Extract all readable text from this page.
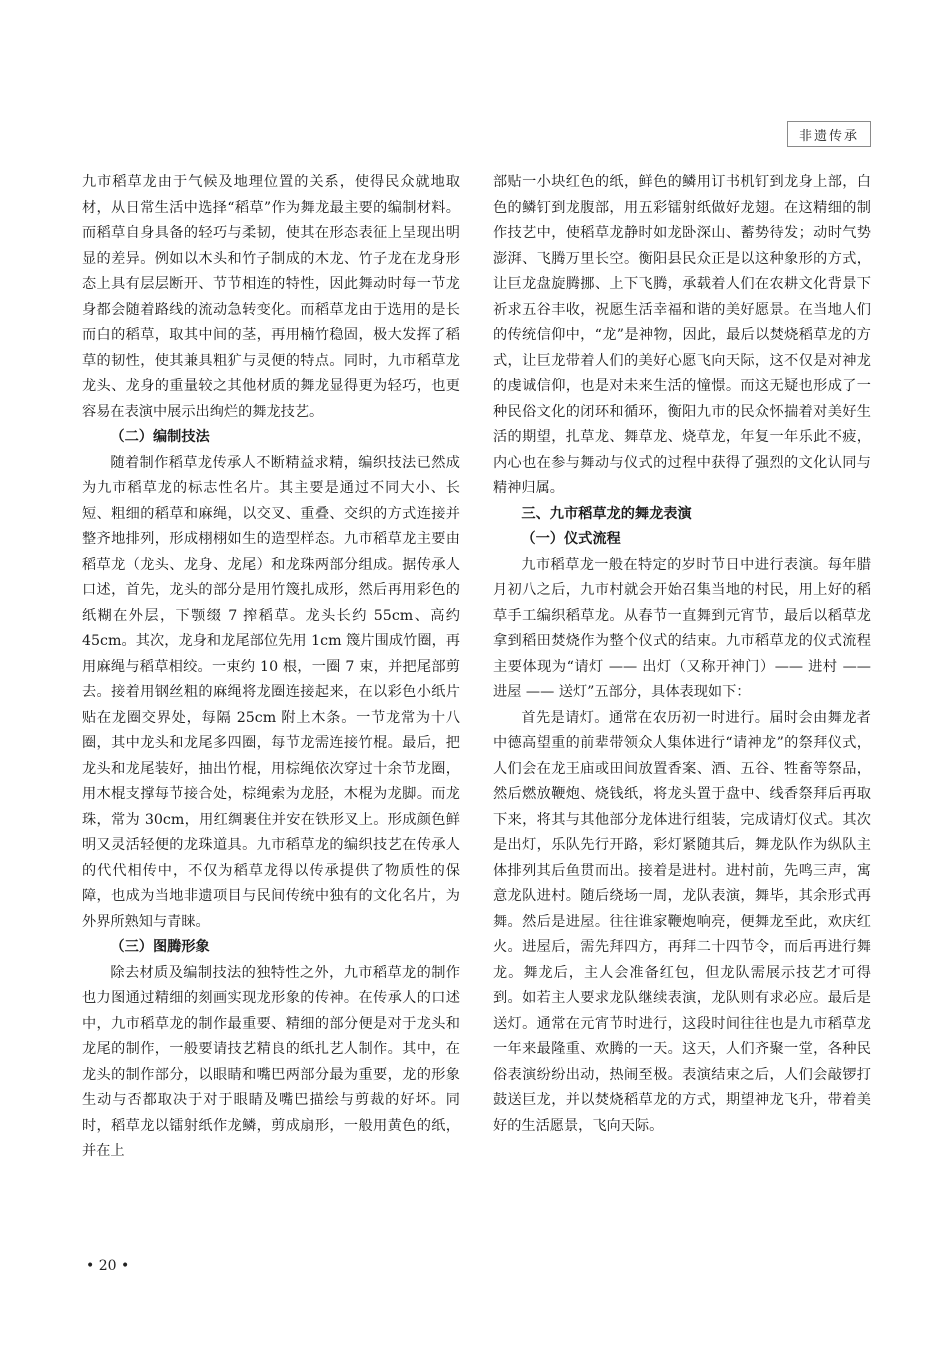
非遗传承

九市稻草龙由于气候及地理位置的关系，使得民众就地取材，从日常生活中选择“稻草”作为舞龙最主要的编制材料。而稻草自身具备的轻巧与柔韧，使其在形态表征上呈现出明显的差异。例如以木头和竹子制成的木龙、竹子龙在龙身形态上具有层层断开、节节相连的特性，因此舞动时每一节龙身都会随着路线的流动急转变化。而稻草龙由于选用的是长而白的稻草，取其中间的茎，再用楠竹稳固，极大发挥了稻草的韧性，使其兼具粗犷与灵便的特点。同时，九市稻草龙龙头、龙身的重量较之其他材质的舞龙显得更为轻巧，也更容易在表演中展示出绚烂的舞龙技艺。

（二）编制技法

随着制作稻草龙传承人不断精益求精，编织技法已然成为九市稻草龙的标志性名片。其主要是通过不同大小、长短、粗细的稻草和麻绳，以交叉、重叠、交织的方式连接并整齐地排列，形成栩栩如生的造型样态。九市稻草龙主要由稻草龙（龙头、龙身、龙尾）和龙珠两部分组成。据传承人口述，首先，龙头的部分是用竹篾扎成形，然后再用彩色的纸糊在外层，下颚缀 7 搾稻草。龙头长约 55cm、高约 45cm。其次，龙身和龙尾部位先用 1cm 篾片围成竹圈，再用麻绳与稻草相绞。一束约 10 根，一圈 7 束，并把尾部剪去。接着用钢丝粗的麻绳将龙圈连接起来，在以彩色小纸片贴在龙圈交界处，每隔 25cm 附上木条。一节龙常为十八圈，其中龙头和龙尾多四圈，每节龙需连接竹棍。最后，把龙头和龙尾装好，抽出竹棍，用棕绳依次穿过十余节龙圈，用木棍支撑每节接合处，棕绳索为龙胫，木棍为龙脚。而龙珠，常为 30cm，用红绸裹住并安在铁形叉上。形成颜色鲜明又灵活轻便的龙珠道具。九市稻草龙的编织技艺在传承人的代代相传中，不仅为稻草龙得以传承提供了物质性的保障，也成为当地非遗项目与民间传统中独有的文化名片，为外界所熟知与青睐。

（三）图腾形象

除去材质及编制技法的独特性之外，九市稻草龙的制作也力图通过精细的刻画实现龙形象的传神。在传承人的口述中，九市稻草龙的制作最重要、精细的部分便是对于龙头和龙尾的制作，一般要请技艺精良的纸扎艺人制作。其中，在龙头的制作部分，以眼睛和嘴巴两部分最为重要，龙的形象生动与否都取决于对于眼睛及嘴巴描绘与剪裁的好坏。同时，稻草龙以镭射纸作龙鳞，剪成扇形，一般用黄色的纸，并在上

部贴一小块红色的纸，鲜色的鳞用订书机钉到龙身上部，白色的鳞钉到龙腹部，用五彩镭射纸做好龙翅。在这精细的制作技艺中，使稻草龙静时如龙卧深山、蓄势待发；动时气势澎湃、飞腾万里长空。衡阳县民众正是以这种象形的方式，让巨龙盘旋腾挪、上下飞腾，承载着人们在农耕文化背景下祈求五谷丰收，祝愿生活幸福和谐的美好愿景。在当地人们的传统信仰中，“龙”是神物，因此，最后以焚烧稻草龙的方式，让巨龙带着人们的美好心愿飞向天际，这不仅是对神龙的虔诚信仰，也是对未来生活的憧憬。而这无疑也形成了一种民俗文化的闭环和循环，衡阳九市的民众怀揣着对美好生活的期望，扎草龙、舞草龙、烧草龙，年复一年乐此不疲，内心也在参与舞动与仪式的过程中获得了强烈的文化认同与精神归属。

三、九市稻草龙的舞龙表演
（一）仪式流程

九市稻草龙一般在特定的岁时节日中进行表演。每年腊月初八之后，九市村就会开始召集当地的村民，用上好的稻草手工编织稻草龙。从春节一直舞到元宵节，最后以稻草龙拿到稻田焚烧作为整个仪式的结束。九市稻草龙的仪式流程主要体现为“请灯 —— 出灯（又称开神门）—— 进村 —— 进屋 —— 送灯”五部分，具体表现如下：

首先是请灯。通常在农历初一时进行。届时会由舞龙者中德高望重的前辈带领众人集体进行“请神龙”的祭拜仪式，人们会在龙王庙或田间放置香案、酒、五谷、牲畜等祭品，然后燃放鞭炮、烧钱纸，将龙头置于盘中、线香祭拜后再取下来，将其与其他部分龙体进行组装，完成请灯仪式。其次是出灯，乐队先行开路，彩灯紧随其后，舞龙队作为纵队主体排列其后鱼贯而出。接着是进村。进村前，先鸣三声，寓意龙队进村。随后绕场一周，龙队表演，舞毕，其余形式再舞。然后是进屋。往往谁家鞭炮响亮，便舞龙至此，欢庆红火。进屋后，需先拜四方，再拜二十四节令，而后再进行舞龙。舞龙后，主人会准备红包，但龙队需展示技艺才可得到。如若主人要求龙队继续表演，龙队则有求必应。最后是送灯。通常在元宵节时进行，这段时间往往也是九市稻草龙一年来最隆重、欢腾的一天。这天，人们齐聚一堂，各种民俗表演纷纷出动，热闹至极。表演结束之后，人们会敲锣打鼓送巨龙，并以焚烧稻草龙的方式，期望神龙飞升，带着美好的生活愿景，飞向天际。

• 20 •
